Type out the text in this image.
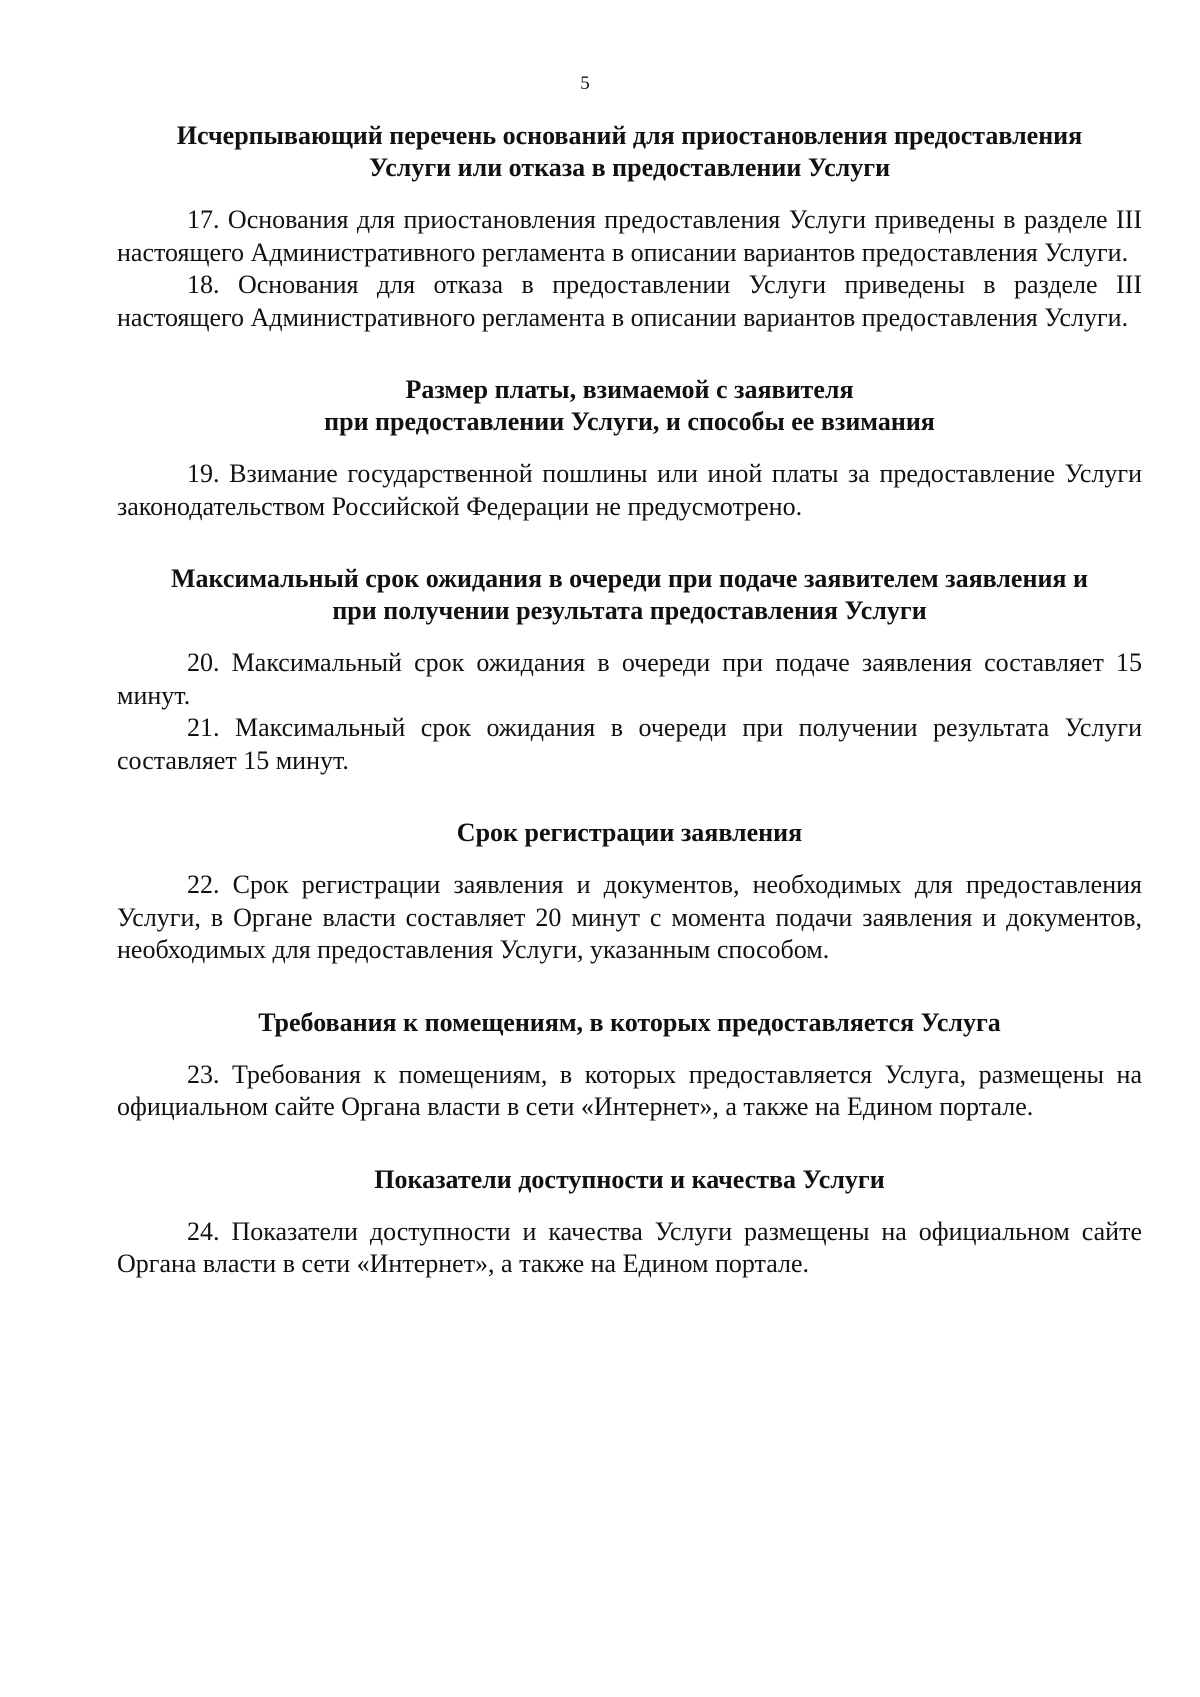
5
Исчерпывающий перечень оснований для приостановления предоставления
Услуги или отказа в предоставлении Услуги

17. Основания для приостановления предоставления Услуги приведены в разделе III настоящего Административного регламента в описании вариантов предоставления Услуги.

18. Основания для отказа в предоставлении Услуги приведены в разделе III настоящего Административного регламента в описании вариантов предоставления Услуги.

Размер платы, взимаемой с заявителя
при предоставлении Услуги, и способы ее взимания

19. Взимание государственной пошлины или иной платы за предоставление Услуги законодательством Российской Федерации не предусмотрено.

Максимальный срок ожидания в очереди при подаче заявителем заявления и
при получении результата предоставления Услуги

20. Максимальный срок ожидания в очереди при подаче заявления составляет 15 минут.

21. Максимальный срок ожидания в очереди при получении результата Услуги составляет 15 минут.

Срок регистрации заявления

22. Срок регистрации заявления и документов, необходимых для предоставления Услуги, в Органе власти составляет 20 минут с момента подачи заявления и документов, необходимых для предоставления Услуги, указанным способом.

Требования к помещениям, в которых предоставляется Услуга

23. Требования к помещениям, в которых предоставляется Услуга, размещены на официальном сайте Органа власти в сети «Интернет», а также на Едином портале.

Показатели доступности и качества Услуги

24. Показатели доступности и качества Услуги размещены на официальном сайте Органа власти в сети «Интернет», а также на Едином портале.
